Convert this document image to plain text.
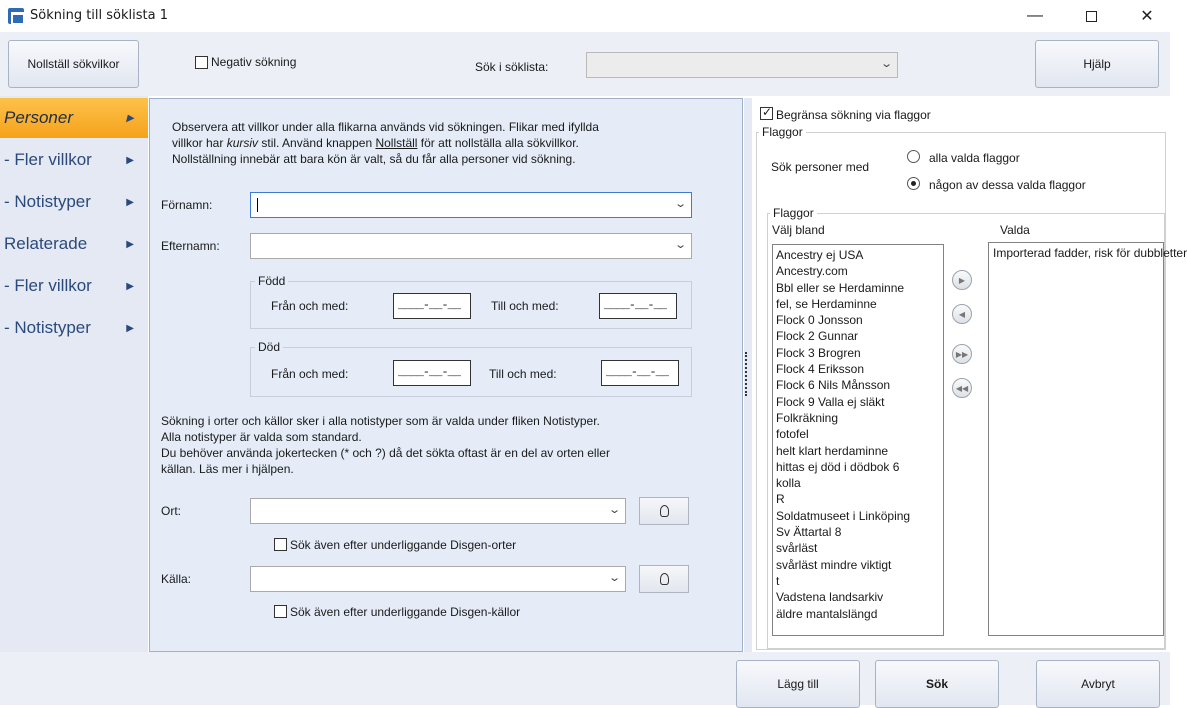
Sökning till söklista 1	—	✕
Nollställ sökvilkor	Negativ sökning	Sök i söklista:	⌄	Hjälp
Personer	▶
- Fler villkor	▶
- Notistyper	▶
Relaterade	▶
- Fler villkor	▶
- Notistyper	▶
Observera att villkor under alla flikarna används vid sökningen. Flikar med ifyllda
villkor har kursiv stil. Använd knappen Nollställ för att nollställa alla sökvillkor.
Nollställning innebär att bara kön är valt, så du får alla personer vid sökning.
Förnamn:	⌄
Efternamn:	⌄
Född
Från och med:	____-__-__	Till och med:	____-__-__
Död
Från och med:	____-__-__	Till och med:	____-__-__
Sökning i orter och källor sker i alla notistyper som är valda under fliken Notistyper.
Alla notistyper är valda som standard.
Du behöver använda jokertecken (* och ?) då det sökta oftast är en del av orten eller
källan. Läs mer i hjälpen.
Ort:	⌄
Sök även efter underliggande Disgen-orter
Källa:	⌄
Sök även efter underliggande Disgen-källor
✓ Begränsa sökning via flaggor
Flaggor
Sök personer med
alla valda flaggor
någon av dessa valda flaggor
Flaggor
Välj bland	Valda
Ancestry ej USA
Ancestry.com
Bbl eller se Herdaminne
fel, se Herdaminne
Flock 0 Jonsson
Flock 2 Gunnar
Flock 3 Brogren
Flock 4 Eriksson
Flock 6 Nils Månsson
Flock 9 Valla ej släkt
Folkräkning
fotofel
helt klart herdaminne
hittas ej död i dödbok 6
kolla
R
Soldatmuseet i Linköping
Sv Ättartal 8
svårläst
svårläst mindre viktigt
t
Vadstena landsarkiv
äldre mantalslängd
▶
◀
▶▶
◀◀
Importerad fadder, risk för dubbletter
Lägg till	Sök	Avbryt
